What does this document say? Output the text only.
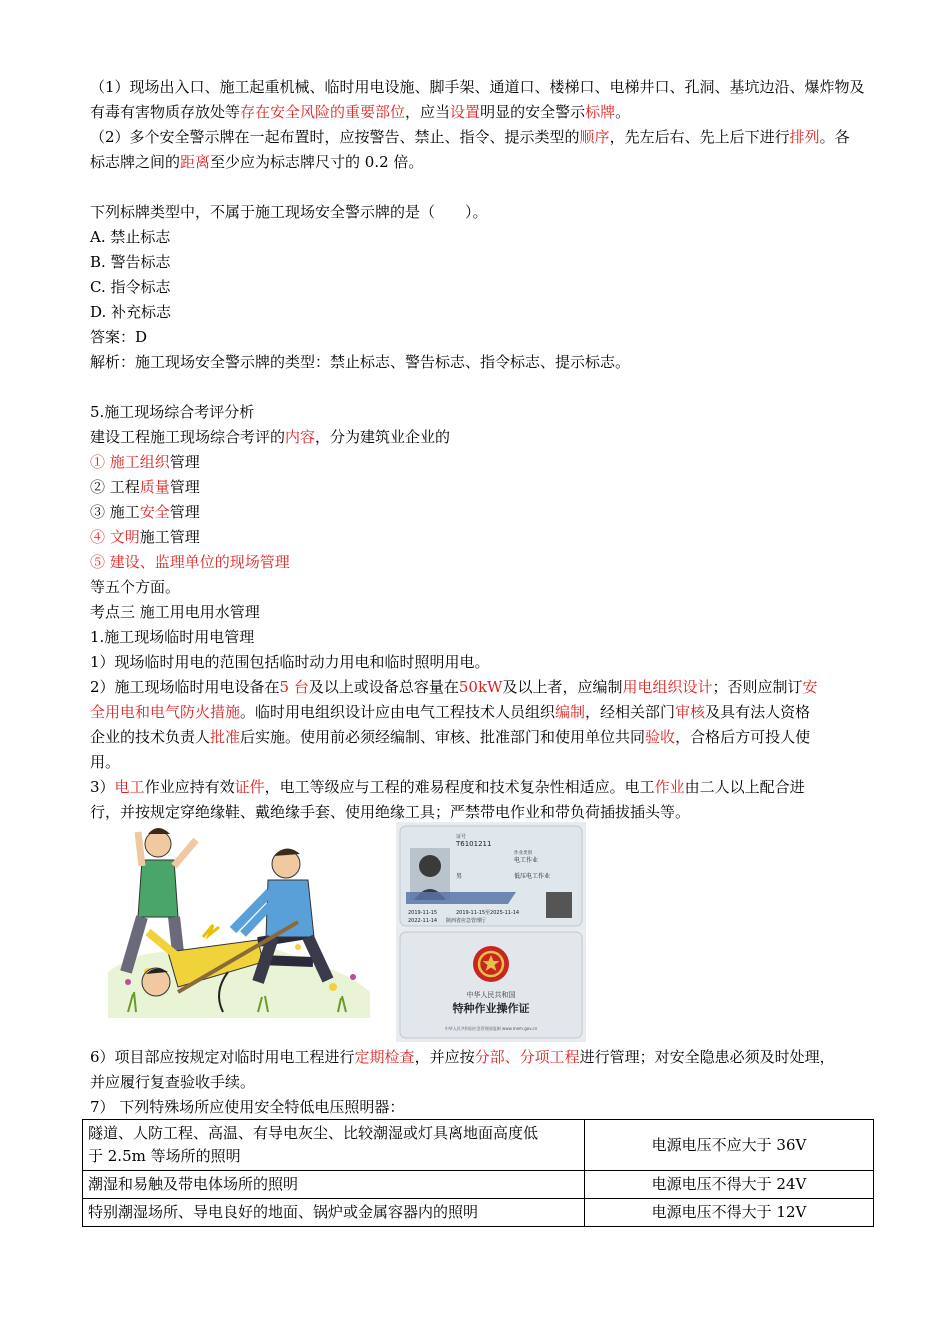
（1）现场出入口、施工起重机械、临时用电设施、脚手架、通道口、楼梯口、电梯井口、孔洞、基坑边沿、爆炸物及
有毒有害物质存放处等存在安全风险的重要部位，应当设置明显的安全警示标牌。
（2）多个安全警示牌在一起布置时，应按警告、禁止、指令、提示类型的顺序，先左后右、先上后下进行排列。各
标志牌之间的距离至少应为标志牌尺寸的 0.2 倍。
下列标牌类型中，不属于施工现场安全警示牌的是（　　）。
A. 禁止标志
B. 警告标志
C. 指令标志
D. 补充标志
答案：D
解析：施工现场安全警示牌的类型：禁止标志、警告标志、指令标志、提示标志。
5.施工现场综合考评分析
建设工程施工现场综合考评的内容，分为建筑业企业的
① 施工组织管理
② 工程质量管理
③ 施工安全管理
④ 文明施工管理
⑤ 建设、监理单位的现场管理
等五个方面。
考点三 施工用电用水管理
1.施工现场临时用电管理
1）现场临时用电的范围包括临时动力用电和临时照明用电。
2）施工现场临时用电设备在5 台及以上或设备总容量在50kW及以上者，应编制用电组织设计；否则应制订安
全用电和电气防火措施。临时用电组织设计应由电气工程技术人员组织编制，经相关部门审核及具有法人资格
企业的技术负责人批准后实施。使用前必须经编制、审核、批准部门和使用单位共同验收，合格后方可投人使
用。
3）电工作业应持有效证件，电工等级应与工程的难易程度和技术复杂性相适应。电工作业由二人以上配合进
行，并按规定穿绝缘鞋、戴绝缘手套、使用绝缘工具；严禁带电作业和带负荷插拔插头等。
证号
T6101211
作业类别
电工作业
男	低压电工作业
2019-11-15	2019-11-15至2025-11-14
2022-11-14 陕西省应急管理厅
中华人民共和国
特种作业操作证
中华人民共和国应急管理部监制 www.mem.gov.cn
6）项目部应按规定对临时用电工程进行定期检查，并应按分部、分项工程进行管理；对安全隐患必须及时处理，
并应履行复查验收手续。
7） 下列特殊场所应使用安全特低电压照明器：
隧道、人防工程、高温、有导电灰尘、比较潮湿或灯具离地面高度低
于 2.5m 等场所的照明	电源电压不应大于 36V
潮湿和易触及带电体场所的照明	电源电压不得大于 24V
特别潮湿场所、导电良好的地面、锅炉或金属容器内的照明	电源电压不得大于 12V
